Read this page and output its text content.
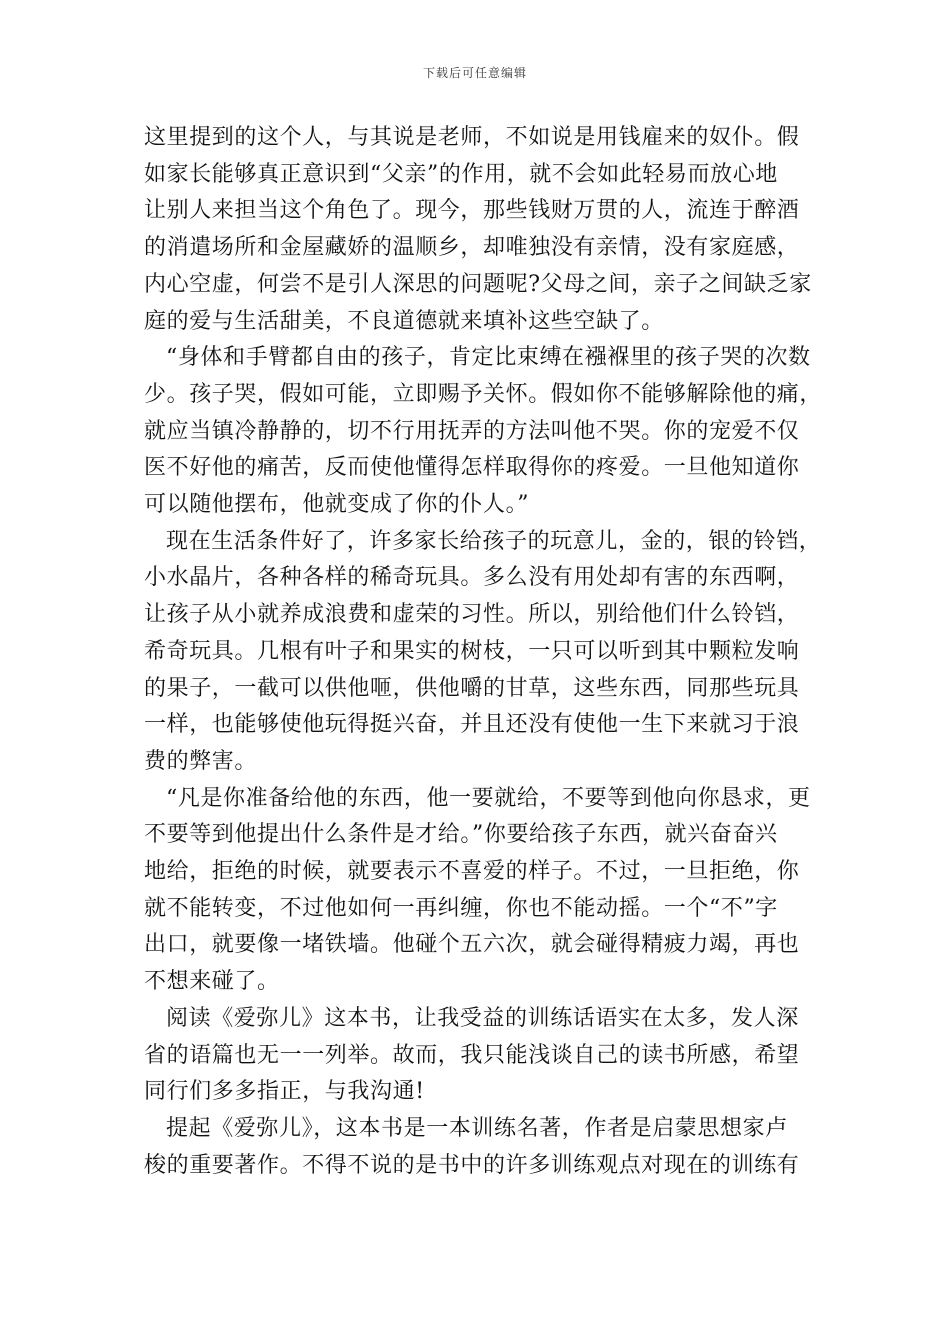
下载后可任意编辑

这里提到的这个人，与其说是老师，不如说是用钱雇来的奴仆。假
如家长能够真正意识到“父亲”的作用，就不会如此轻易而放心地
让别人来担当这个角色了。现今，那些钱财万贯的人，流连于醉酒
的消遣场所和金屋藏娇的温顺乡，却唯独没有亲情，没有家庭感，
内心空虚，何尝不是引人深思的问题呢?父母之间，亲子之间缺乏家
庭的爱与生活甜美，不良道德就来填补这些空缺了。

“身体和手臂都自由的孩子，肯定比束缚在襁褓里的孩子哭的次数
少。孩子哭，假如可能，立即赐予关怀。假如你不能够解除他的痛，
就应当镇冷静静的，切不行用抚弄的方法叫他不哭。你的宠爱不仅
医不好他的痛苦，反而使他懂得怎样取得你的疼爱。一旦他知道你
可以随他摆布，他就变成了你的仆人。”

现在生活条件好了，许多家长给孩子的玩意儿，金的，银的铃铛，
小水晶片，各种各样的稀奇玩具。多么没有用处却有害的东西啊，
让孩子从小就养成浪费和虚荣的习性。所以，别给他们什么铃铛，
希奇玩具。几根有叶子和果实的树枝，一只可以听到其中颗粒发响
的果子，一截可以供他咂，供他嚼的甘草，这些东西，同那些玩具
一样，也能够使他玩得挺兴奋，并且还没有使他一生下来就习于浪
费的弊害。

“凡是你准备给他的东西，他一要就给，不要等到他向你恳求，更
不要等到他提出什么条件是才给。”你要给孩子东西，就兴奋奋兴
地给，拒绝的时候，就要表示不喜爱的样子。不过，一旦拒绝，你
就不能转变，不过他如何一再纠缠，你也不能动摇。一个“不”字
出口，就要像一堵铁墙。他碰个五六次，就会碰得精疲力竭，再也
不想来碰了。

阅读《爱弥儿》这本书，让我受益的训练话语实在太多，发人深
省的语篇也无一一列举。故而，我只能浅谈自己的读书所感，希望
同行们多多指正，与我沟通!

提起《爱弥儿》，这本书是一本训练名著，作者是启蒙思想家卢
梭的重要著作。不得不说的是书中的许多训练观点对现在的训练有
